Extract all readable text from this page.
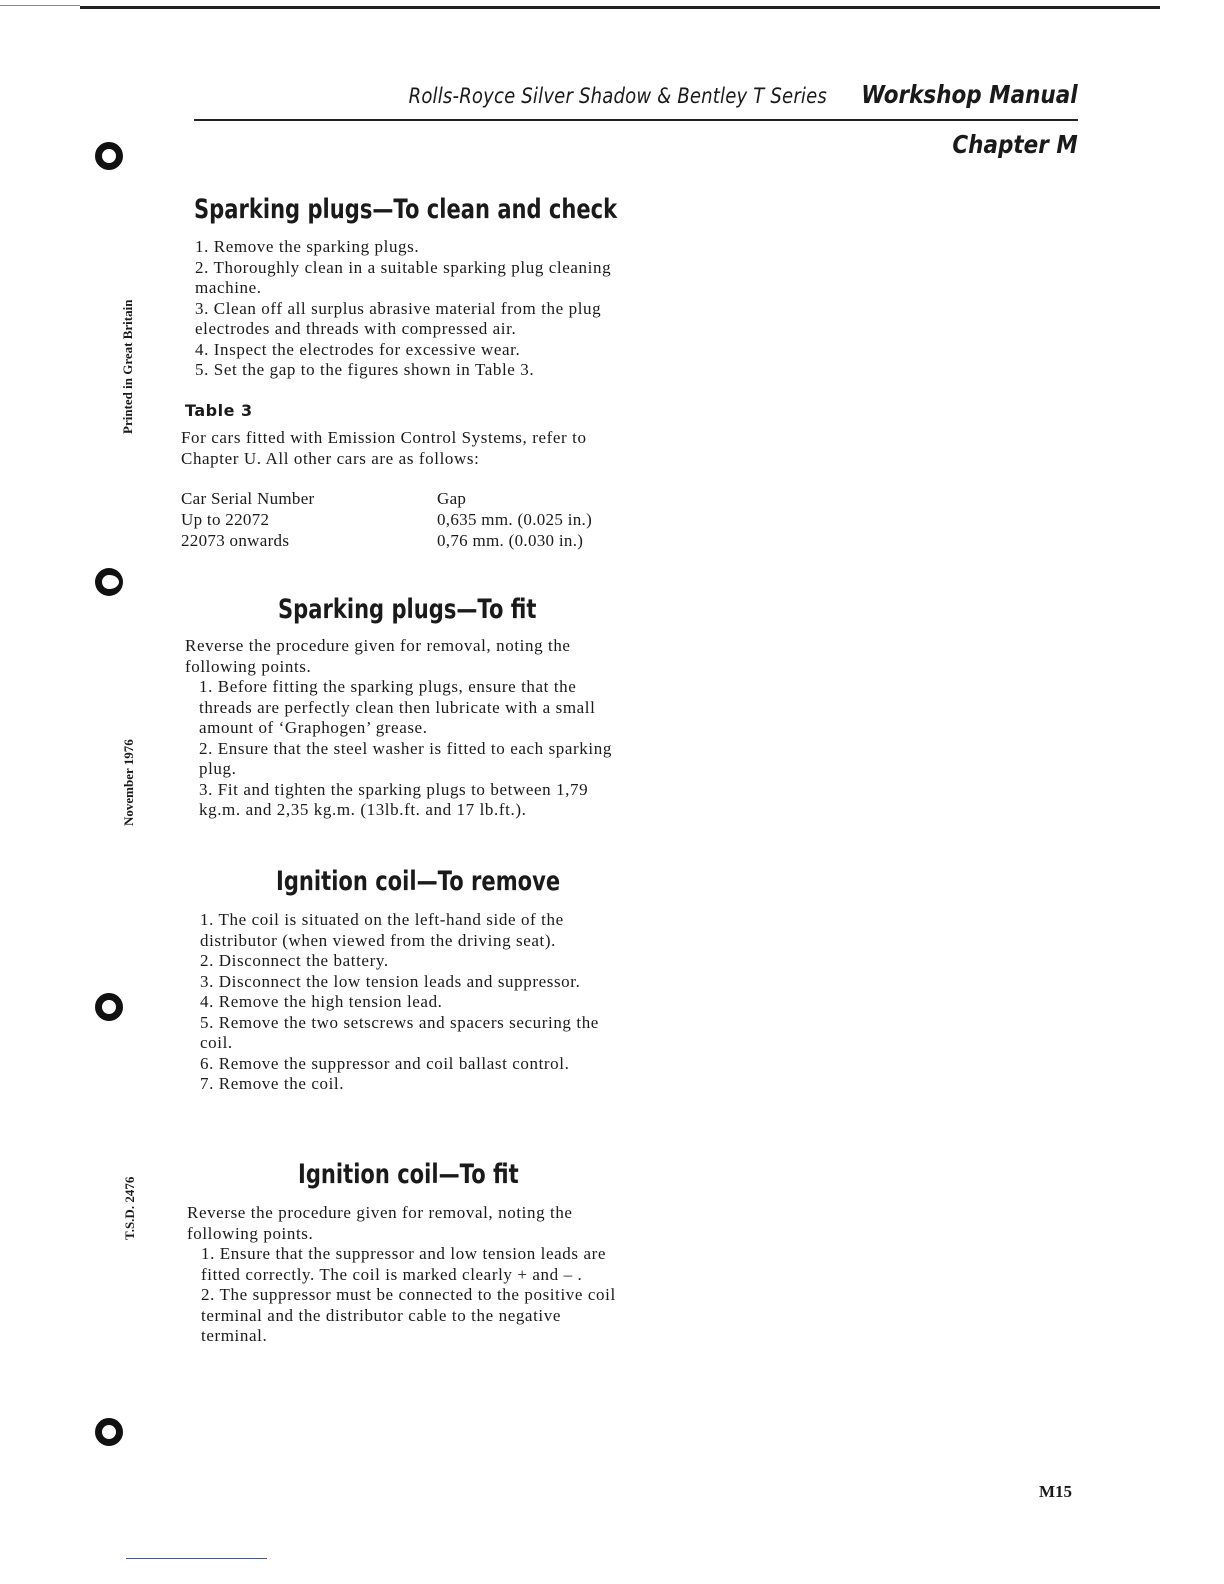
Rolls-Royce Silver Shadow & Bentley T Series Workshop Manual
Chapter M
Printed in Great Britain
November 1976
T.S.D. 2476
Sparking plugs—To clean and check

1. Remove the sparking plugs.

2. Thoroughly clean in a suitable sparking plug cleaning machine.

3. Clean off all surplus abrasive material from the plug electrodes and threads with compressed air.

4. Inspect the electrodes for excessive wear.

5. Set the gap to the figures shown in Table 3.

Table 3
For cars fitted with Emission Control Systems, refer to Chapter U. All other cars are as follows:
Car Serial Number	Gap
Up to 22072	0,635 mm. (0.025 in.)
22073 onwards	0,76 mm. (0.030 in.)
Sparking plugs—To fit

Reverse the procedure given for removal, noting the following points.

1. Before fitting the sparking plugs, ensure that the threads are perfectly clean then lubricate with a small amount of ‘Graphogen’ grease.

2. Ensure that the steel washer is fitted to each sparking plug.

3. Fit and tighten the sparking plugs to between 1,79 kg.m. and 2,35 kg.m. (13lb.ft. and 17 lb.ft.).

Ignition coil—To remove

1. The coil is situated on the left-hand side of the distributor (when viewed from the driving seat).

2. Disconnect the battery.

3. Disconnect the low tension leads and suppressor.

4. Remove the high tension lead.

5. Remove the two setscrews and spacers securing the coil.

6. Remove the suppressor and coil ballast control.

7. Remove the coil.

Ignition coil—To fit

Reverse the procedure given for removal, noting the following points.

1. Ensure that the suppressor and low tension leads are fitted correctly. The coil is marked clearly + and – .

2. The suppressor must be connected to the positive coil terminal and the distributor cable to the negative terminal.

M15
